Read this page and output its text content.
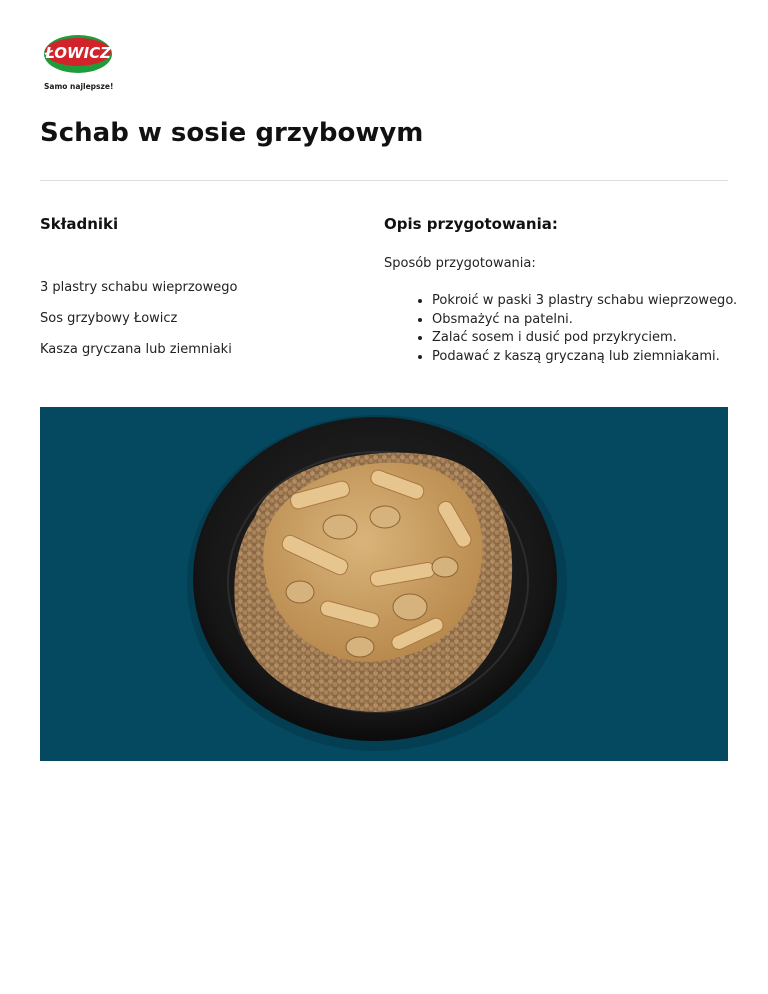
ŁOWICZ
Samo najlepsze!
Schab w sosie grzybowym
Składniki
3 plastry schabu wieprzowego
Sos grzybowy Łowicz
Kasza gryczana lub ziemniaki
Opis przygotowania:

Sposób przygotowania:

• Pokroić w paski 3 plastry schabu wieprzowego.
• Obsmażyć na patelni.
• Zalać sosem i dusić pod przykryciem.
• Podawać z kaszą gryczaną lub ziemniakami.
